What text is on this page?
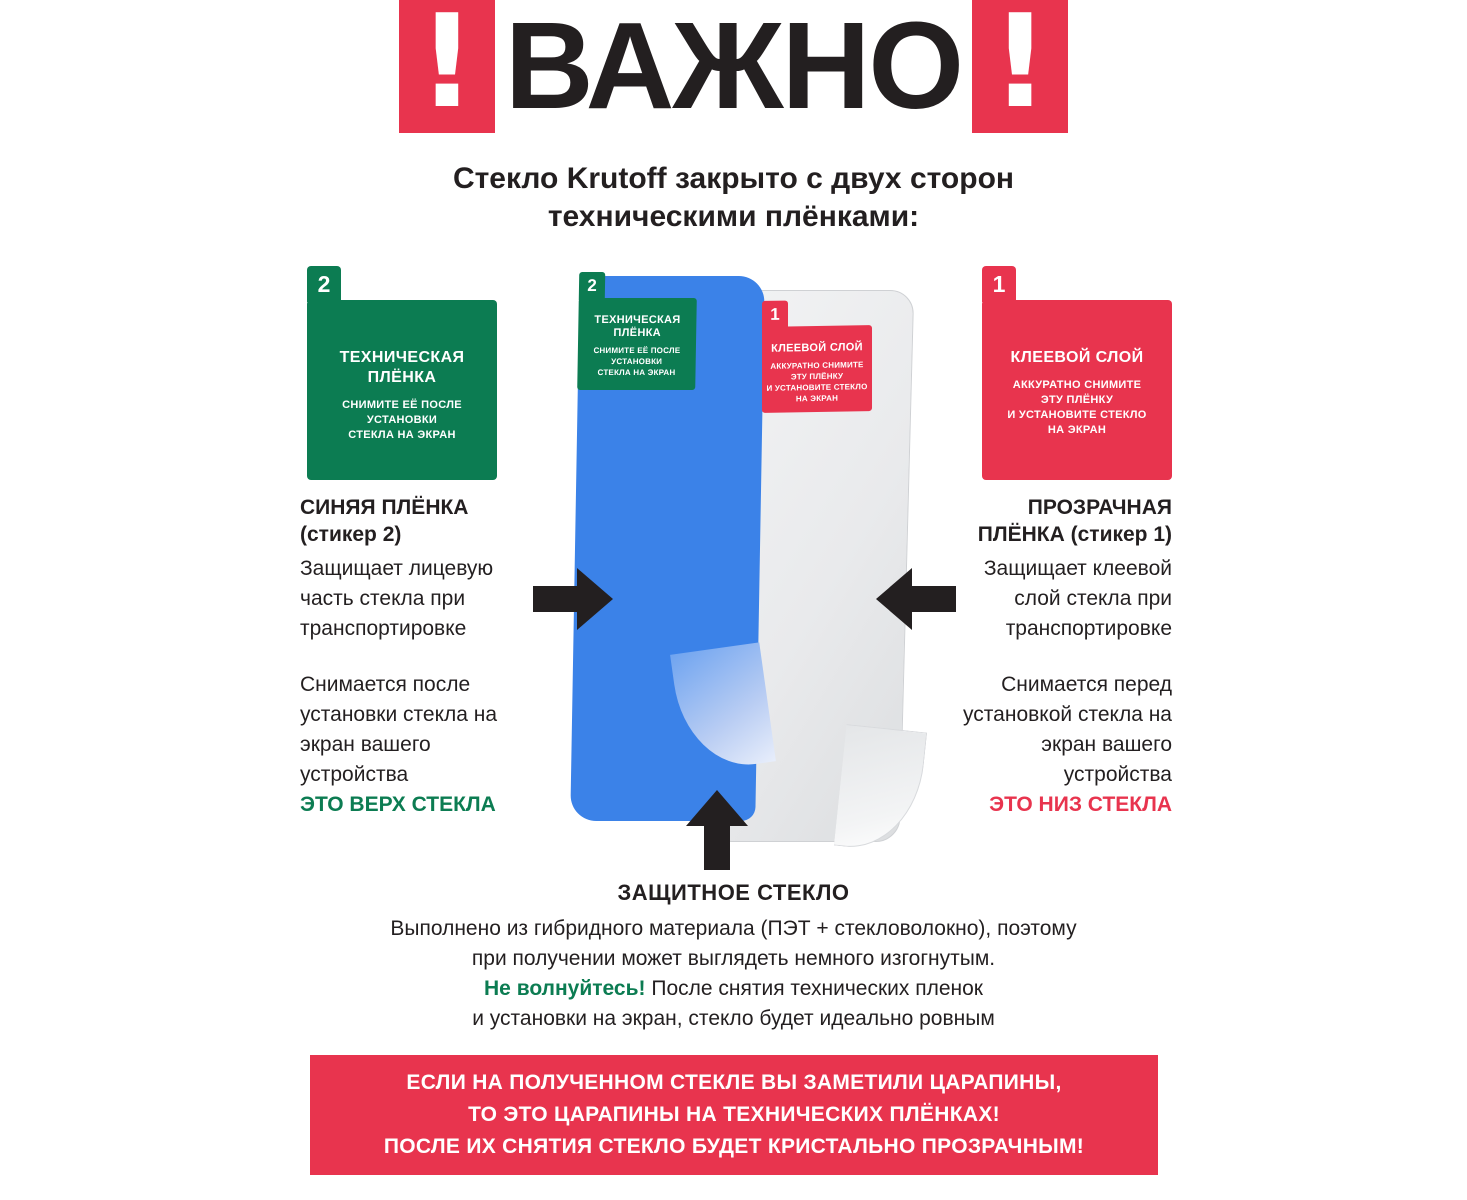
! ВАЖНО !
Стекло Krutoff закрыто с двух сторон
техническими плёнками:
2
ТЕХНИЧЕСКАЯ
ПЛЁНКА
СНИМИТЕ ЕЁ ПОСЛЕ
УСТАНОВКИ
СТЕКЛА НА ЭКРАН
1
КЛЕЕВОЙ СЛОЙ
АККУРАТНО СНИМИТЕ
ЭТУ ПЛЁНКУ
И УСТАНОВИТЕ СТЕКЛО
НА ЭКРАН
2
ТЕХНИЧЕСКАЯ
ПЛЁНКА
СНИМИТЕ ЕЁ ПОСЛЕ
УСТАНОВКИ
СТЕКЛА НА ЭКРАН
1
КЛЕЕВОЙ СЛОЙ
АККУРАТНО СНИМИТЕ
ЭТУ ПЛЁНКУ
И УСТАНОВИТЕ СТЕКЛО
НА ЭКРАН
СИНЯЯ ПЛЁНКА
(стикер 2)
Защищает лицевую часть стекла при транспортировке
Снимается после установки стекла на экран вашего устройства
ЭТО ВЕРХ СТЕКЛА
ПРОЗРАЧНАЯ
ПЛЁНКА (стикер 1)
Защищает клеевой слой стекла при транспортировке
Снимается перед установкой стекла на экран вашего устройства
ЭТО НИЗ СТЕКЛА
ЗАЩИТНОЕ СТЕКЛО
Выполнено из гибридного материала (ПЭТ + стекловолокно), поэтому
при получении может выглядеть немного изгогнутым.
Не волнуйтесь! После снятия технических пленок
и установки на экран, стекло будет идеально ровным
ЕСЛИ НА ПОЛУЧЕННОМ СТЕКЛЕ ВЫ ЗАМЕТИЛИ ЦАРАПИНЫ,
ТО ЭТО ЦАРАПИНЫ НА ТЕХНИЧЕСКИХ ПЛЁНКАХ!
ПОСЛЕ ИХ СНЯТИЯ СТЕКЛО БУДЕТ КРИСТАЛЬНО ПРОЗРАЧНЫМ!
